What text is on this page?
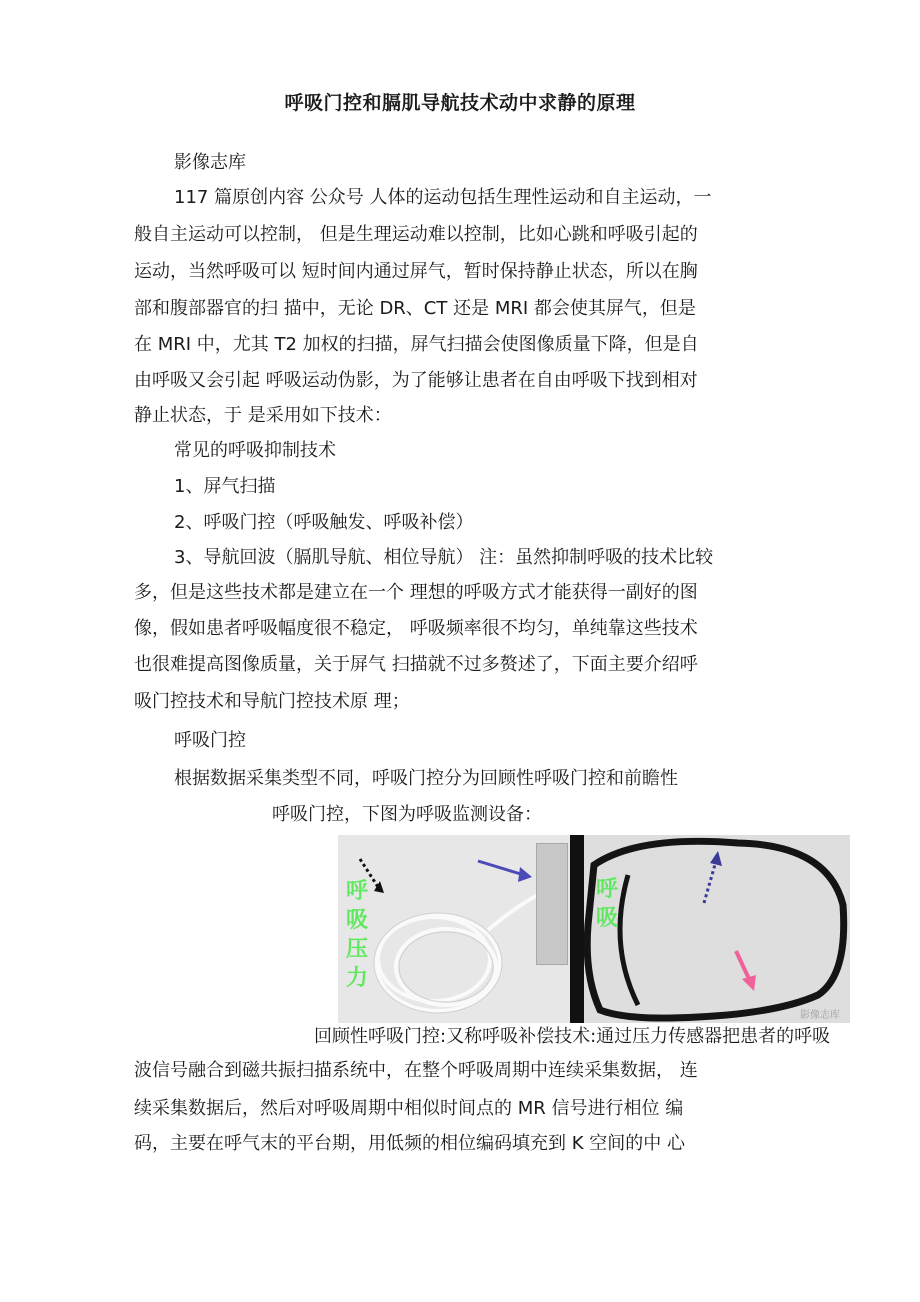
呼吸门控和膈肌导航技术动中求静的原理
影像志库
117 篇原创内容 公众号 人体的运动包括生理性运动和自主运动，一
般自主运动可以控制， 但是生理运动难以控制，比如心跳和呼吸引起的
运动，当然呼吸可以 短时间内通过屏气，暂时保持静止状态，所以在胸
部和腹部器官的扫 描中，无论 DR、CT 还是 MRI 都会使其屏气，但是
在 MRI 中，尤其 T2 加权的扫描，屏气扫描会使图像质量下降，但是自
由呼吸又会引起 呼吸运动伪影，为了能够让患者在自由呼吸下找到相对
静止状态，于 是采用如下技术：
常见的呼吸抑制技术
1、屏气扫描
2、呼吸门控（呼吸触发、呼吸补偿）
3、导航回波（膈肌导航、相位导航） 注：虽然抑制呼吸的技术比较
多，但是这些技术都是建立在一个 理想的呼吸方式才能获得一副好的图
像，假如患者呼吸幅度很不稳定， 呼吸频率很不均匀，单纯靠这些技术
也很难提高图像质量，关于屏气 扫描就不过多赘述了，下面主要介绍呼
吸门控技术和导航门控技术原 理；
呼吸门控
根据数据采集类型不同，呼吸门控分为回顾性呼吸门控和前瞻性
呼吸门控，下图为呼吸监测设备：
呼吸压力
呼吸
影像志库
回顾性呼吸门控:又称呼吸补偿技术:通过压力传感器把患者的呼吸
波信号融合到磁共振扫描系统中，在整个呼吸周期中连续采集数据， 连
续采集数据后，然后对呼吸周期中相似时间点的 MR 信号进行相位 编
码，主要在呼气末的平台期，用低频的相位编码填充到 K 空间的中 心
